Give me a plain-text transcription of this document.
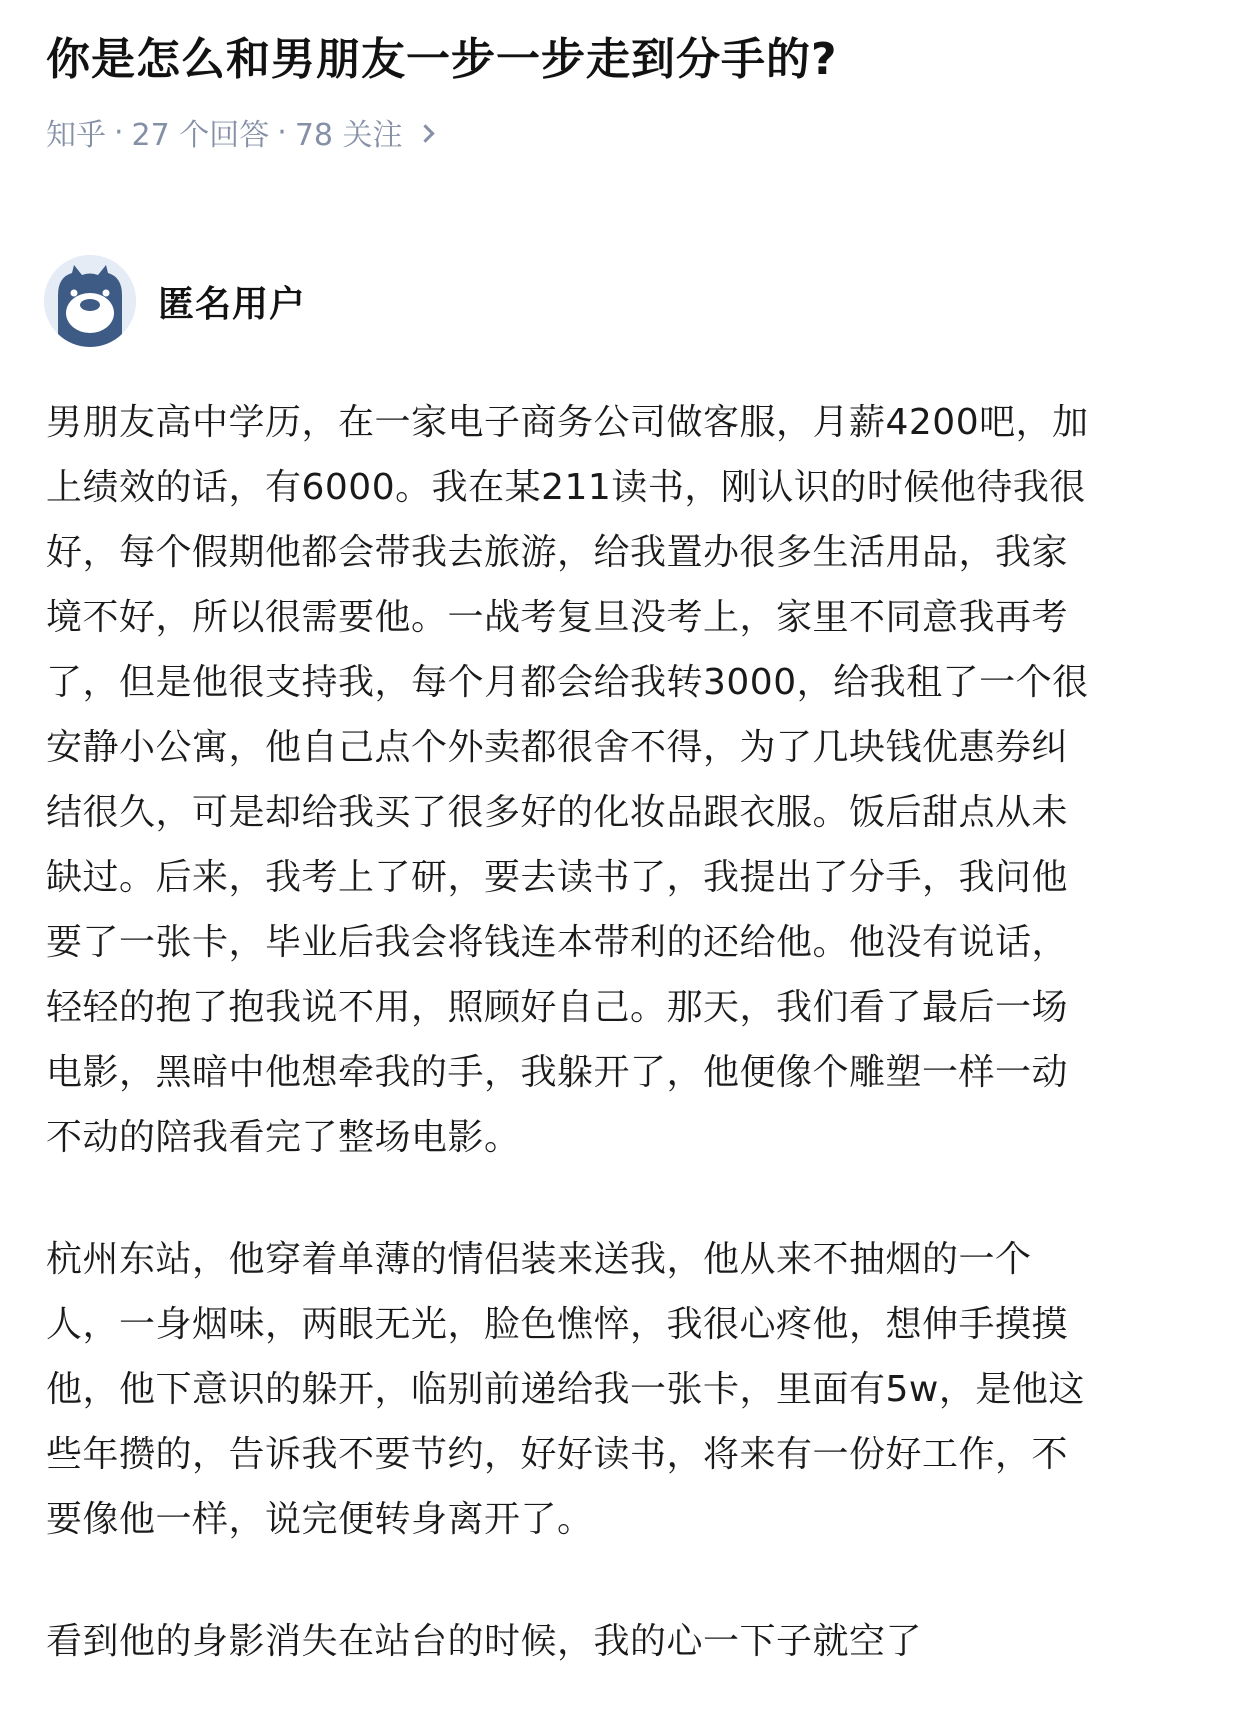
你是怎么和男朋友一步一步走到分手的?
知乎 · 27 个回答 · 78 关注
匿名用户

男朋友高中学历，在一家电子商务公司做客服，月薪4200吧，加
上绩效的话，有6000。我在某211读书，刚认识的时候他待我很
好，每个假期他都会带我去旅游，给我置办很多生活用品，我家
境不好，所以很需要他。一战考复旦没考上，家里不同意我再考
了，但是他很支持我，每个月都会给我转3000，给我租了一个很
安静小公寓，他自己点个外卖都很舍不得，为了几块钱优惠券纠
结很久，可是却给我买了很多好的化妆品跟衣服。饭后甜点从未
缺过。后来，我考上了研，要去读书了，我提出了分手，我问他
要了一张卡，毕业后我会将钱连本带利的还给他。他没有说话，
轻轻的抱了抱我说不用，照顾好自己。那天，我们看了最后一场
电影，黑暗中他想牵我的手，我躲开了，他便像个雕塑一样一动
不动的陪我看完了整场电影。

杭州东站，他穿着单薄的情侣装来送我，他从来不抽烟的一个
人，一身烟味，两眼无光，脸色憔悴，我很心疼他，想伸手摸摸
他，他下意识的躲开，临别前递给我一张卡，里面有5w，是他这
些年攒的，告诉我不要节约，好好读书，将来有一份好工作，不
要像他一样，说完便转身离开了。

看到他的身影消失在站台的时候，我的心一下子就空了
